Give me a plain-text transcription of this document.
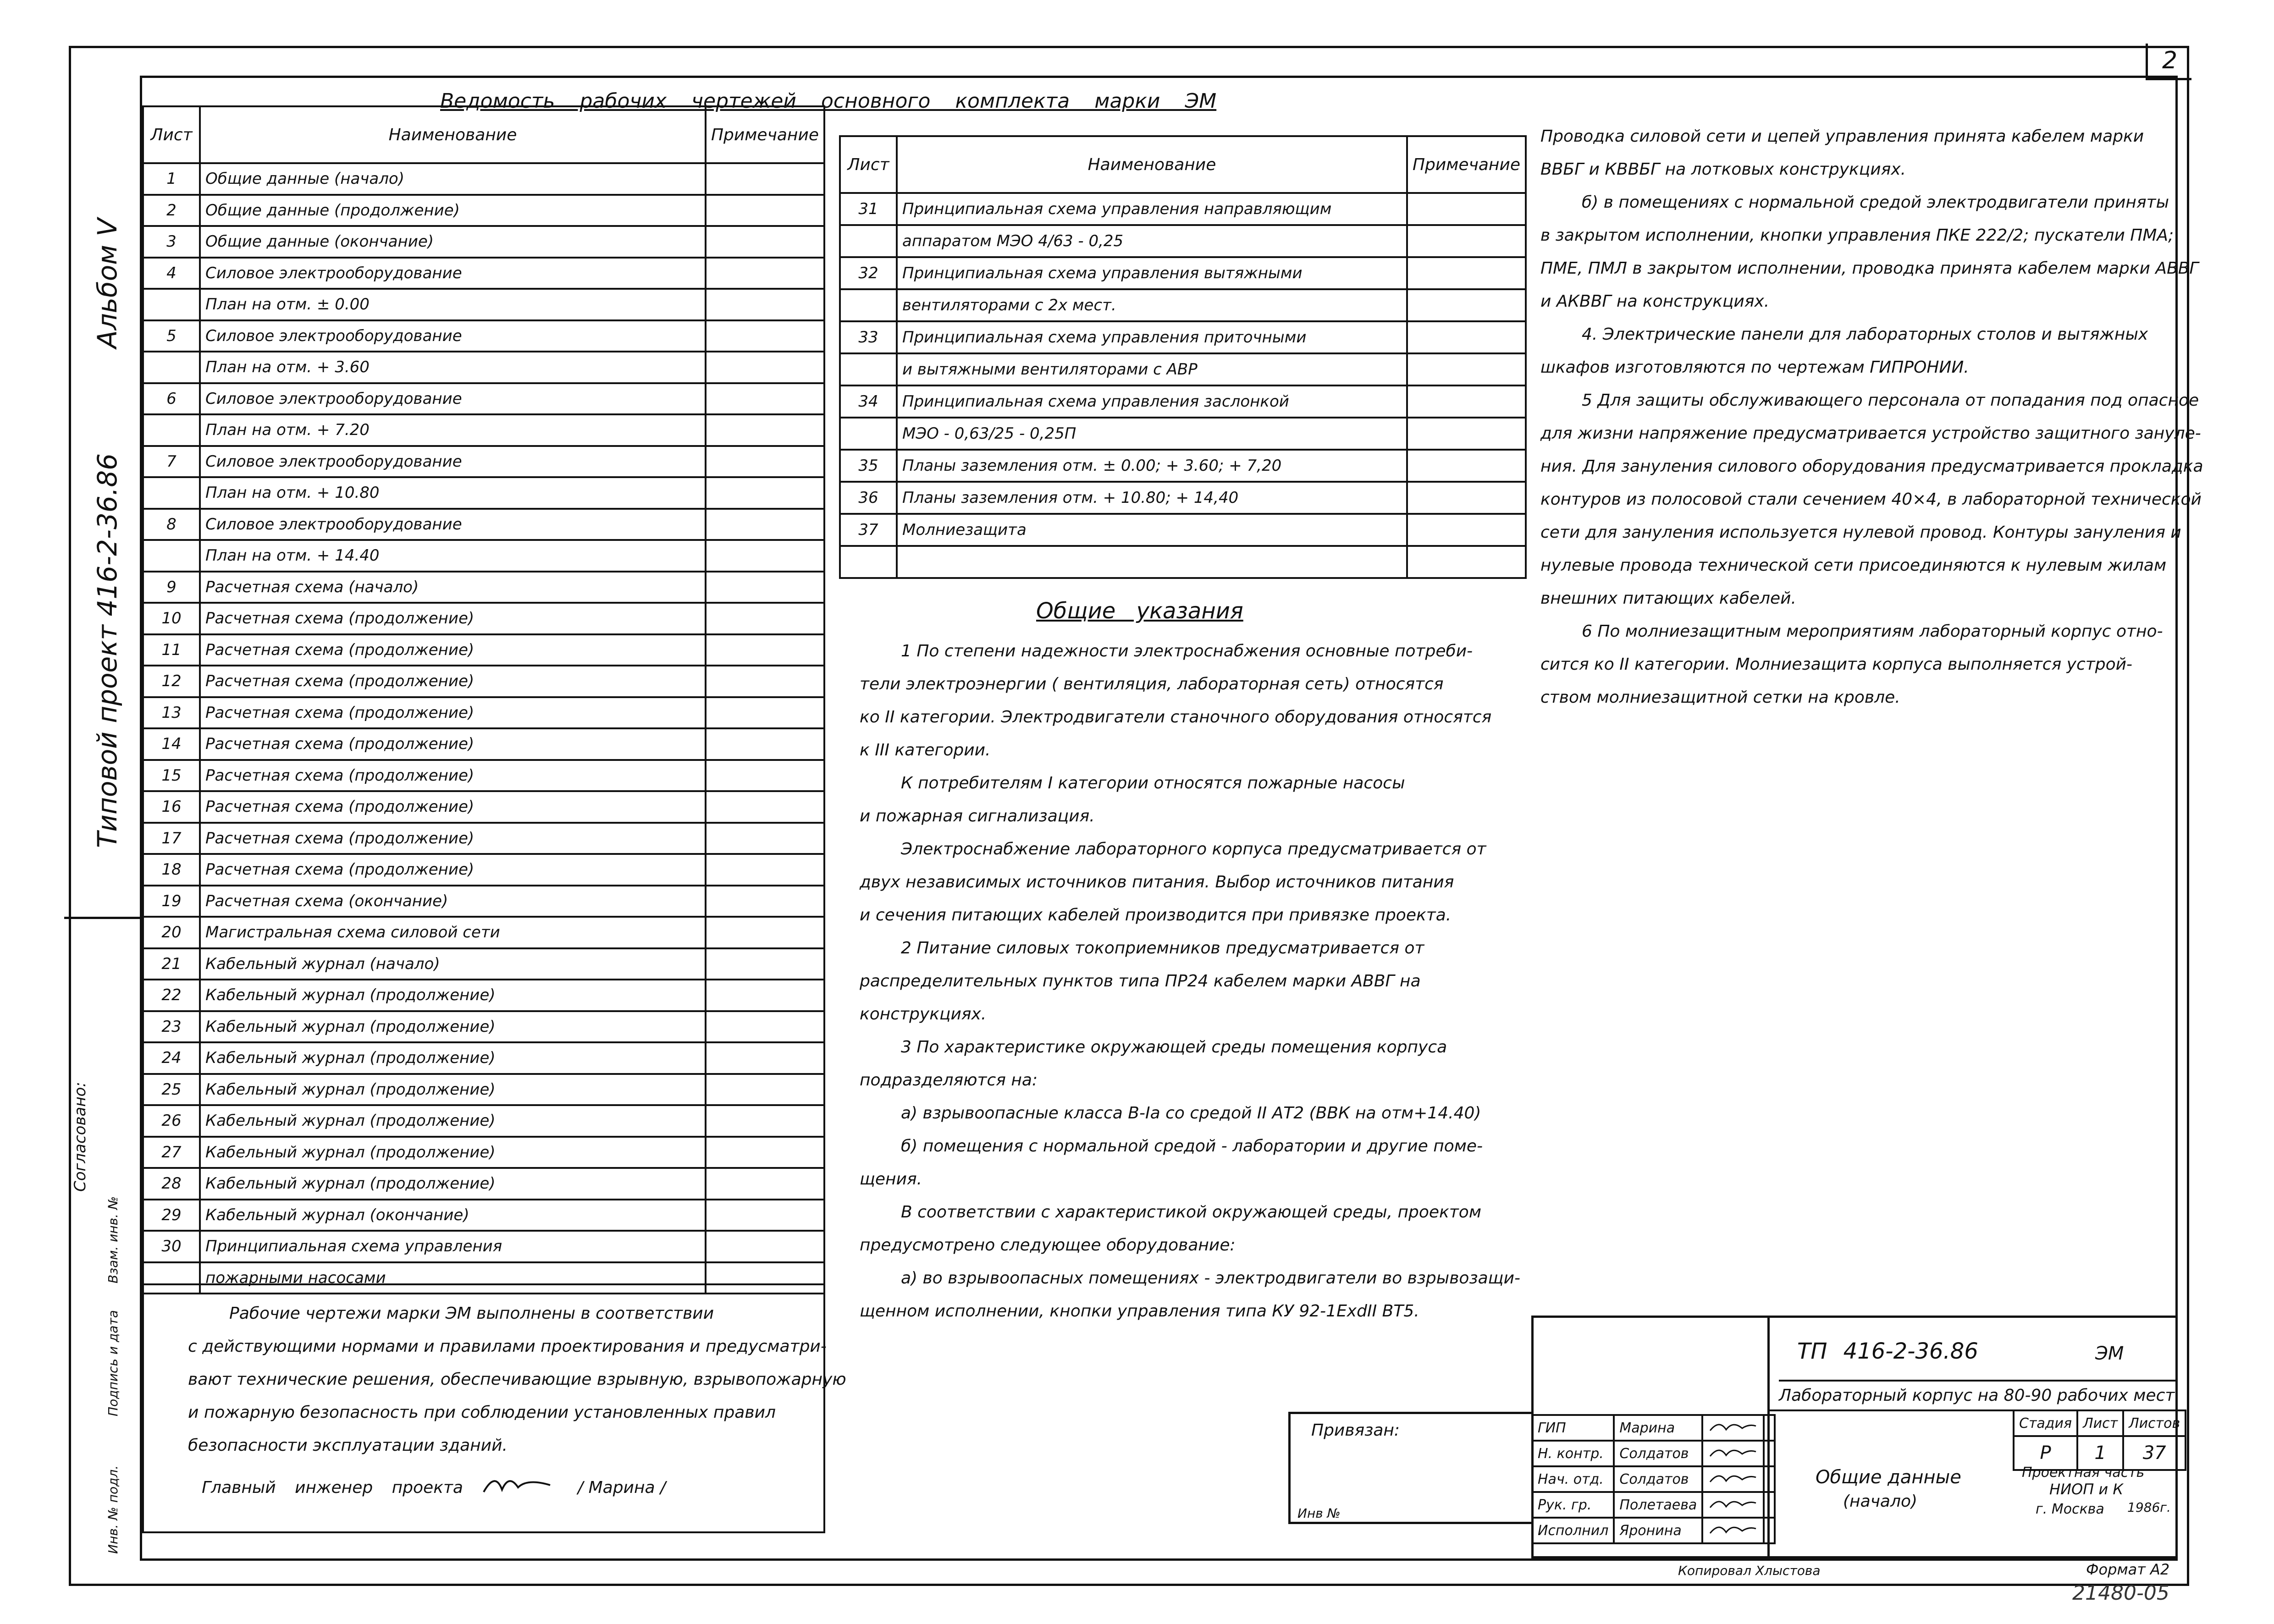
2
Альбом V
Типовой проект 416-2-36.86
Согласовано:
Инв. № подл.
Подпись и дата
Взам. инв. №
Ведомость рабочих чертежей основного комплекта марки ЭМ
Лист	Наименование	Примечание
1	Общие данные (начало)	
2	Общие данные (продолжение)	
3	Общие данные (окончание)	
4	Силовое электрооборудование	
	План на отм. ± 0.00	
5	Силовое электрооборудование	
	План на отм. + 3.60	
6	Силовое электрооборудование	
	План на отм. + 7.20	
7	Силовое электрооборудование	
	План на отм. + 10.80	
8	Силовое электрооборудование	
	План на отм. + 14.40	
9	Расчетная схема (начало)	
10	Расчетная схема (продолжение)	
11	Расчетная схема (продолжение)	
12	Расчетная схема (продолжение)	
13	Расчетная схема (продолжение)	
14	Расчетная схема (продолжение)	
15	Расчетная схема (продолжение)	
16	Расчетная схема (продолжение)	
17	Расчетная схема (продолжение)	
18	Расчетная схема (продолжение)	
19	Расчетная схема (окончание)	
20	Магистральная схема силовой сети	
21	Кабельный журнал (начало)	
22	Кабельный журнал (продолжение)	
23	Кабельный журнал (продолжение)	
24	Кабельный журнал (продолжение)	
25	Кабельный журнал (продолжение)	
26	Кабельный журнал (продолжение)	
27	Кабельный журнал (продолжение)	
28	Кабельный журнал (продолжение)	
29	Кабельный журнал (окончание)	
30	Принципиальная схема управления	
	пожарными насосами	
Лист	Наименование	Примечание
31	Принципиальная схема управления направляющим	
	аппаратом МЭО 4/63 - 0,25	
32	Принципиальная схема управления вытяжными	
	вентиляторами с 2х мест.	
33	Принципиальная схема управления приточными	
	и вытяжными вентиляторами с АВР	
34	Принципиальная схема управления заслонкой	
	МЭО - 0,63/25 - 0,25П	
35	Планы заземления отм. ± 0.00; + 3.60; + 7,20	
36	Планы заземления отм. + 10.80; + 14,40	
37	Молниезащита	

Рабочие чертежи марки ЭМ выполнены в соответствии
с действующими нормами и правилами проектирования и предусматри-
вают технические решения, обеспечивающие взрывную, взрывопожарную
и пожарную безопасность при соблюдении установленных правил
безопасности эксплуатации зданий.
Главный инженер проекта	/ Марина /
Общие указания
1 По степени надежности электроснабжения основные потреби-
тели электроэнергии ( вентиляция, лабораторная сеть) относятся
ко II категории. Электродвигатели станочного оборудования относятся
к III категории.
К потребителям I категории относятся пожарные насосы
и пожарная сигнализация.
Электроснабжение лабораторного корпуса предусматривается от
двух независимых источников питания. Выбор источников питания
и сечения питающих кабелей производится при привязке проекта.
2 Питание силовых токоприемников предусматривается от
распределительных пунктов типа ПР24 кабелем марки АВВГ на
конструкциях.
3 По характеристике окружающей среды помещения корпуса
подразделяются на:
а) взрывоопасные класса В-Iа со средой II АТ2 (ВВК на отм+14.40)
б) помещения с нормальной средой - лаборатории и другие поме-
щения.
В соответствии с характеристикой окружающей среды, проектом
предусмотрено следующее оборудование:
а) во взрывоопасных помещениях - электродвигатели во взрывозащи-
щенном исполнении, кнопки управления типа КУ 92-1ExdII BT5.
Проводка силовой сети и цепей управления принята кабелем марки
ВВБГ и КВВБГ на лотковых конструкциях.
б) в помещениях с нормальной средой электродвигатели приняты
в закрытом исполнении, кнопки управления ПКЕ 222/2; пускатели ПМА;
ПМЕ, ПМЛ в закрытом исполнении, проводка принята кабелем марки АВВГ
и АКВВГ на конструкциях.
4. Электрические панели для лабораторных столов и вытяжных
шкафов изготовляются по чертежам ГИПРОНИИ.
5 Для защиты обслуживающего персонала от попадания под опасное
для жизни напряжение предусматривается устройство защитного зануле-
ния. Для зануления силового оборудования предусматривается прокладка
контуров из полосовой стали сечением 40×4, в лабораторной технической
сети для зануления используется нулевой провод. Контуры зануления и
нулевые провода технической сети присоединяются к нулевым жилам
внешних питающих кабелей.
6 По молниезащитным мероприятиям лабораторный корпус отно-
сится ко II категории. Молниезащита корпуса выполняется устрой-
ством молниезащитной сетки на кровле.
ТП 416-2-36.86	ЭМ
Лабораторный корпус на 80-90 рабочих мест
Стадия	Лист	Листов
Р	1	37
Общие данные
(начало)
Проектная часть
НИОП и К
г. Москва 1986г.
ГИП	Марина		
Н. контр.	Солдатов		
Нач. отд.	Солдатов		
Рук. гр.	Полетаева		
Исполнил	Яронина		
Привязан:
Инв №
Копировал Хлыстова	Формат А2
21480-05
